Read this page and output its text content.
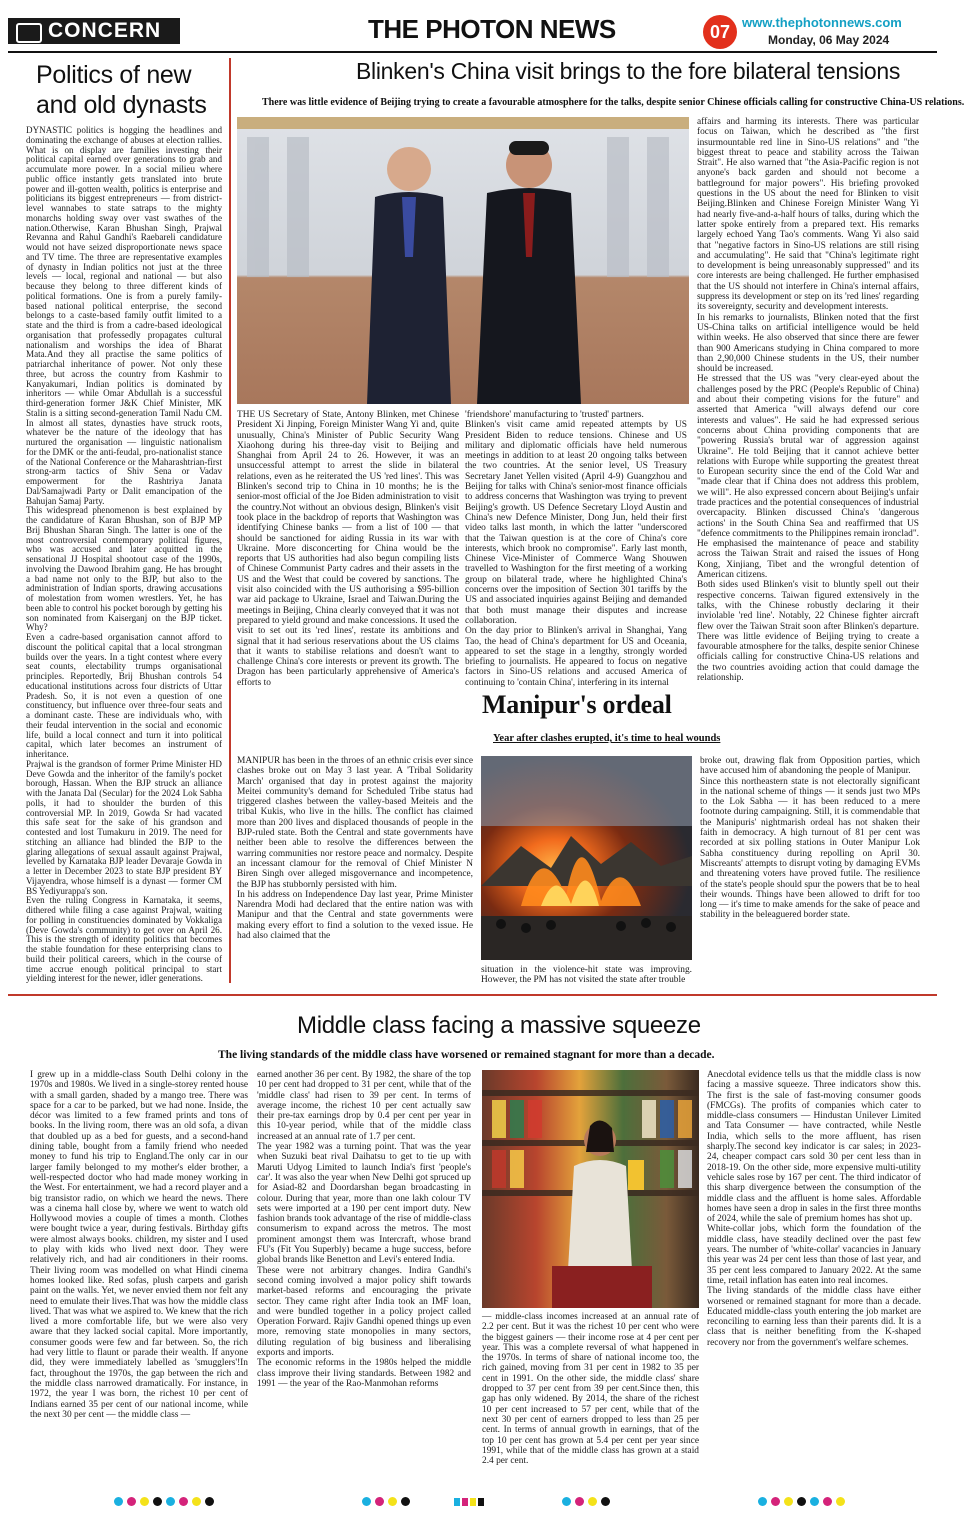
CONCERN	THE PHOTON NEWS	07 www.thephotonnews.com
Monday, 06 May 2024
Politics of new
and old dynasts

DYNASTIC politics is hogging the headlines and dominating the exchange of abuses at election rallies. What is on display are families investing their political capital earned over generations to grab and accumulate more power. In a social milieu where public office instantly gets translated into brute power and ill-gotten wealth, politics is enterprise and politicians its biggest entrepreneurs — from district-level wannabes to state satraps to the mighty monarchs holding sway over vast swathes of the nation.Otherwise, Karan Bhushan Singh, Prajwal Revanna and Rahul Gandhi's Raebareli candidature would not have seized disproportionate news space and TV time. The three are representative examples of dynasty in Indian politics not just at the three levels — local, regional and national — but also because they belong to three different kinds of political formations. One is from a purely family-based national political enterprise, the second belongs to a caste-based family outfit limited to a state and the third is from a cadre-based ideological organisation that professedly propagates cultural nationalism and worships the idea of Bharat Mata.And they all practise the same politics of patriarchal inheritance of power. Not only these three, but across the country from Kashmir to Kanyakumari, Indian politics is dominated by inheritors — while Omar Abdullah is a successful third-generation former J&K Chief Minister, MK Stalin is a sitting second-generation Tamil Nadu CM. In almost all states, dynasties have struck roots, whatever be the nature of the ideology that has nurtured the organisation — linguistic nationalism for the DMK or the anti-feudal, pro-nationalist stance of the National Conference or the Maharashtrian-first strong-arm tactics of Shiv Sena or Vadav empowerment for the Rashtriya Janata Dal/Samajwadi Party or Dalit emancipation of the Bahujan Samaj Party.

This widespread phenomenon is best explained by the candidature of Karan Bhushan, son of BJP MP Brij Bhushan Sharan Singh. The latter is one of the most controversial contemporary political figures, who was accused and later acquitted in the sensational JJ Hospital shootout case of the 1990s, involving the Dawood Ibrahim gang. He has brought a bad name not only to the BJP, but also to the administration of Indian sports, drawing accusations of molestation from women wrestlers. Yet, he has been able to control his pocket borough by getting his son nominated from Kaiserganj on the BJP ticket. Why?

Even a cadre-based organisation cannot afford to discount the political capital that a local strongman builds over the years. In a tight contest where every seat counts, electability trumps organisational principles. Reportedly, Brij Bhushan controls 54 educational institutions across four districts of Uttar Pradesh. So, it is not even a question of one constituency, but influence over three-four seats and a dominant caste. These are individuals who, with their feudal intervention in the social and economic life, build a local connect and turn it into political capital, which later becomes an instrument of inheritance.

Prajwal is the grandson of former Prime Minister HD Deve Gowda and the inheritor of the family's pocket borough, Hassan. When the BJP struck an alliance with the Janata Dal (Secular) for the 2024 Lok Sabha polls, it had to shoulder the burden of this controversial MP. In 2019, Gowda Sr had vacated this safe seat for the sake of his grandson and contested and lost Tumakuru in 2019. The need for stitching an alliance had blinded the BJP to the glaring allegations of sexual assault against Prajwal, levelled by Karnataka BJP leader Devaraje Gowda in a letter in December 2023 to state BJP president BY Vijayendra, whose himself is a dynast — former CM BS Yediyurappa's son.

Even the ruling Congress in Karnataka, it seems, dithered while filing a case against Prajwal, waiting for polling in constituencies dominated by Vokkaliga (Deve Gowda's community) to get over on April 26. This is the strength of identity politics that becomes the stable foundation for these enterprising clans to build their political careers, which in the course of time accrue enough political principal to start yielding interest for the newer, idler generations.

Blinken's China visit brings to the fore bilateral tensions
There was little evidence of Beijing trying to create a favourable atmosphere for the talks, despite senior Chinese officials calling for constructive China-US relations.

THE US Secretary of State, Antony Blinken, met Chinese President Xi Jinping, Foreign Minister Wang Yi and, quite unusually, China's Minister of Public Security Wang Xiaohong during his three-day visit to Beijing and Shanghai from April 24 to 26. However, it was an unsuccessful attempt to arrest the slide in bilateral relations, even as he reiterated the US 'red lines'. This was Blinken's second trip to China in 10 months; he is the senior-most official of the Joe Biden administration to visit the country.Not without an obvious design, Blinken's visit took place in the backdrop of reports that Washington was identifying Chinese banks — from a list of 100 — that should be sanctioned for aiding Russia in its war with Ukraine. More disconcerting for China would be the reports that US authorities had also begun compiling lists of Chinese Communist Party cadres and their assets in the US and the West that could be covered by sanctions. The visit also coincided with the US authorising a $95-billion war aid package to Ukraine, Israel and Taiwan.During the meetings in Beijing, China clearly conveyed that it was not prepared to yield ground and make concessions. It used the visit to set out its 'red lines', restate its ambitions and signal that it had serious reservations about the US claims that it wants to stabilise relations and doesn't want to challenge China's core interests or prevent its growth. The Dragon has been particularly apprehensive of America's efforts to

'friendshore' manufacturing to 'trusted' partners.

Blinken's visit came amid repeated attempts by US President Biden to reduce tensions. Chinese and US military and diplomatic officials have held numerous meetings in addition to at least 20 ongoing talks between the two countries. At the senior level, US Treasury Secretary Janet Yellen visited (April 4-9) Guangzhou and Beijing for talks with China's senior-most finance officials to address concerns that Washington was trying to prevent Beijing's growth. US Defence Secretary Lloyd Austin and China's new Defence Minister, Dong Jun, held their first video talks last month, in which the latter "underscored that the Taiwan question is at the core of China's core interests, which brook no compromise". Early last month, Chinese Vice-Minister of Commerce Wang Shouwen travelled to Washington for the first meeting of a working group on bilateral trade, where he highlighted China's concerns over the imposition of Section 301 tariffs by the US and associated inquiries against Beijing and demanded that both must manage their disputes and increase collaboration.

On the day prior to Blinken's arrival in Shanghai, Yang Tao, the head of China's department for US and Oceania, appeared to set the stage in a lengthy, strongly worded briefing to journalists. He appeared to focus on negative factors in Sino-US relations and accused America of continuing to 'contain China', interfering in its internal

affairs and harming its interests. There was particular focus on Taiwan, which he described as "the first insurmountable red line in Sino-US relations" and "the biggest threat to peace and stability across the Taiwan Strait". He also warned that "the Asia-Pacific region is not anyone's back garden and should not become a battleground for major powers". His briefing provoked questions in the US about the need for Blinken to visit Beijing.Blinken and Chinese Foreign Minister Wang Yi had nearly five-and-a-half hours of talks, during which the latter spoke entirely from a prepared text. His remarks largely echoed Yang Tao's comments. Wang Yi also said that "negative factors in Sino-US relations are still rising and accumulating". He said that "China's legitimate right to development is being unreasonably suppressed" and its core interests are being challenged. He further emphasised that the US should not interfere in China's internal affairs, suppress its development or step on its 'red lines' regarding its sovereignty, security and development interests.

In his remarks to journalists, Blinken noted that the first US-China talks on artificial intelligence would be held within weeks. He also observed that since there are fewer than 900 Americans studying in China compared to more than 2,90,000 Chinese students in the US, their number should be increased.

He stressed that the US was "very clear-eyed about the challenges posed by the PRC (People's Republic of China) and about their competing visions for the future" and asserted that America "will always defend our core interests and values". He said he had expressed serious concerns about China providing components that are "powering Russia's brutal war of aggression against Ukraine". He told Beijing that it cannot achieve better relations with Europe while supporting the greatest threat to European security since the end of the Cold War and "made clear that if China does not address this problem, we will". He also expressed concern about Beijing's unfair trade practices and the potential consequences of industrial overcapacity. Blinken discussed China's 'dangerous actions' in the South China Sea and reaffirmed that US "defence commitments to the Philippines remain ironclad". He emphasised the maintenance of peace and stability across the Taiwan Strait and raised the issues of Hong Kong, Xinjiang, Tibet and the wrongful detention of American citizens.

Both sides used Blinken's visit to bluntly spell out their respective concerns. Taiwan figured extensively in the talks, with the Chinese robustly declaring it their inviolable 'red line'. Notably, 22 Chinese fighter aircraft flew over the Taiwan Strait soon after Blinken's departure. There was little evidence of Beijing trying to create a favourable atmosphere for the talks, despite senior Chinese officials calling for constructive China-US relations and the two countries avoiding action that could damage the relationship.

Manipur's ordeal
Year after clashes erupted, it's time to heal wounds

MANIPUR has been in the throes of an ethnic crisis ever since clashes broke out on May 3 last year. A 'Tribal Solidarity March' organised that day in protest against the majority Meitei community's demand for Scheduled Tribe status had triggered clashes between the valley-based Meiteis and the tribal Kukis, who live in the hills. The conflict has claimed more than 200 lives and displaced thousands of people in the BJP-ruled state. Both the Central and state governments have neither been able to resolve the differences between the warring communities nor restore peace and normalcy. Despite an incessant clamour for the removal of Chief Minister N Biren Singh over alleged misgovernance and incompetence, the BJP has stubbornly persisted with him.

In his address on Independence Day last year, Prime Minister Narendra Modi had declared that the entire nation was with Manipur and that the Central and state governments were making every effort to find a solution to the vexed issue. He had also claimed that the

situation in the violence-hit state was improving. However, the PM has not visited the state after trouble

broke out, drawing flak from Opposition parties, which have accused him of abandoning the people of Manipur.

Since this northeastern state is not electorally significant in the national scheme of things — it sends just two MPs to the Lok Sabha — it has been reduced to a mere footnote during campaigning. Still, it is commendable that the Manipuris' nightmarish ordeal has not shaken their faith in democracy. A high turnout of 81 per cent was recorded at six polling stations in Outer Manipur Lok Sabha constituency during repolling on April 30. Miscreants' attempts to disrupt voting by damaging EVMs and threatening voters have proved futile. The resilience of the state's people should spur the powers that be to heal their wounds. Things have been allowed to drift for too long — it's time to make amends for the sake of peace and stability in the beleaguered border state.

Middle class facing a massive squeeze
The living standards of the middle class have worsened or remained stagnant for more than a decade.

I grew up in a middle-class South Delhi colony in the 1970s and 1980s. We lived in a single-storey rented house with a small garden, shaded by a mango tree. There was space for a car to be parked, but we had none. Inside, the décor was limited to a few framed prints and tons of books. In the living room, there was an old sofa, a divan that doubled up as a bed for guests, and a second-hand dining table, bought from a family friend who needed money to fund his trip to England.The only car in our larger family belonged to my mother's elder brother, a well-respected doctor who had made money working in the West. For entertainment, we had a record player and a big transistor radio, on which we heard the news. There was a cinema hall close by, where we went to watch old Hollywood movies a couple of times a month. Clothes were bought twice a year, during festivals. Birthday gifts were almost always books. children, my sister and I used to play with kids who lived next door. They were relatively rich, and had air conditioners in their rooms. Their living room was modelled on what Hindi cinema homes looked like. Red sofas, plush carpets and garish paint on the walls. Yet, we never envied them nor felt any need to emulate their lives.That was how the middle class lived. That was what we aspired to. We knew that the rich lived a more comfortable life, but we were also very aware that they lacked social capital. More importantly, consumer goods were few and far between. So, the rich had very little to flaunt or parade their wealth. If anyone did, they were immediately labelled as 'smugglers'!In fact, throughout the 1970s, the gap between the rich and the middle class narrowed dramatically. For instance, in 1972, the year I was born, the richest 10 per cent of Indians earned 35 per cent of our national income, while the next 30 per cent — the middle class —

earned another 36 per cent. By 1982, the share of the top 10 per cent had dropped to 31 per cent, while that of the 'middle class' had risen to 39 per cent. In terms of average income, the richest 10 per cent actually saw their pre-tax earnings drop by 0.4 per cent per year in this 10-year period, while that of the middle class increased at an annual rate of 1.7 per cent.

The year 1982 was a turning point. That was the year when Suzuki beat rival Daihatsu to get to tie up with Maruti Udyog Limited to launch India's first 'people's car'. It was also the year when New Delhi got spruced up for Asiad-82 and Doordarshan began broadcasting in colour. During that year, more than one lakh colour TV sets were imported at a 190 per cent import duty. New fashion brands took advantage of the rise of middle-class consumerism to expand across the metros. The most prominent amongst them was Intercraft, whose brand FU's (Fit You Superbly) became a huge success, before global brands like Benetton and Levi's entered India.

These were not arbitrary changes. Indira Gandhi's second coming involved a major policy shift towards market-based reforms and encouraging the private sector. They came right after India took an IMF loan, and were bundled together in a policy project called Operation Forward. Rajiv Gandhi opened things up even more, removing state monopolies in many sectors, diluting regulation of big business and liberalising exports and imports.

The economic reforms in the 1980s helped the middle class improve their living standards. Between 1982 and 1991 — the year of the Rao-Manmohan reforms

— middle-class incomes increased at an annual rate of 2.2 per cent. But it was the richest 10 per cent who were the biggest gainers — their income rose at 4 per cent per year. This was a complete reversal of what happened in the 1970s. In terms of share of national income too, the rich gained, moving from 31 per cent in 1982 to 35 per cent in 1991. On the other side, the middle class' share dropped to 37 per cent from 39 per cent.Since then, this gap has only widened. By 2014, the share of the richest 10 per cent increased to 57 per cent, while that of the next 30 per cent of earners dropped to less than 25 per cent. In terms of annual growth in earnings, that of the top 10 per cent has grown at 5.4 per cent per year since 1991, while that of the middle class has grown at a staid 2.4 per cent.

Anecdotal evidence tells us that the middle class is now facing a massive squeeze. Three indicators show this. The first is the sale of fast-moving consumer goods (FMCGs). The profits of companies which cater to middle-class consumers — Hindustan Unilever Limited and Tata Consumer — have contracted, while Nestle India, which sells to the more affluent, has risen sharply.The second key indicator is car sales; in 2023-24, cheaper compact cars sold 30 per cent less than in 2018-19. On the other side, more expensive multi-utility vehicle sales rose by 167 per cent. The third indicator of this sharp divergence between the consumption of the middle class and the affluent is home sales. Affordable homes have seen a drop in sales in the first three months of 2024, while the sale of premium homes has shot up.

White-collar jobs, which form the foundation of the middle class, have steadily declined over the past few years. The number of 'white-collar' vacancies in January this year was 24 per cent less than those of last year, and 35 per cent less compared to January 2022. At the same time, retail inflation has eaten into real incomes.

The living standards of the middle class have either worsened or remained stagnant for more than a decade. Educated middle-class youth entering the job market are reconciling to earning less than their parents did. It is a class that is neither benefiting from the K-shaped recovery nor from the government's welfare schemes.
